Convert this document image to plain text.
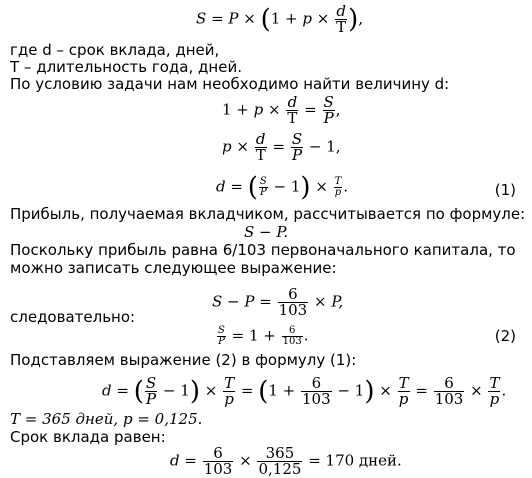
$S = P \times (1 + p \times \frac{d}{T}$ ),
где d – срок вклада, дней,
T – длительность года, дней.
По условию задачи нам необходимо найти величину d:
$1 + p \times \frac{d}{T} = \frac{S}{P}$ ,
$p \times \frac{d}{T} = \frac{S}{P} - 1$,
d = ( $\frac{S}{P} - 1) \times \frac{T}{p}$ .	(1)
Прибыль, получаемая вкладчиком, рассчитывается по формуле:
S − P.
Поскольку прибыль равна 6/103 первоначального капитала, то
можно записать следующее выражение:
$S - P = \frac{6}{103} \times P$,
следовательно:
$\frac{S}{P} = 1 + \frac{6}{103}$ .	(2)
Подставляем выражение (2) в формулу (1):
d = ( $\frac{S}{P} - 1) \times \frac{T}{p} = (1 + \frac{6}{103} - 1) \times \frac{T}{p} = \frac{6}{103} \times \frac{T}{p}$ .
T = 365 дней, p = 0,125.
Срок вклада равен:
$d = \frac{6}{103} \times \frac{365}{0,125} = 170$ дней.
